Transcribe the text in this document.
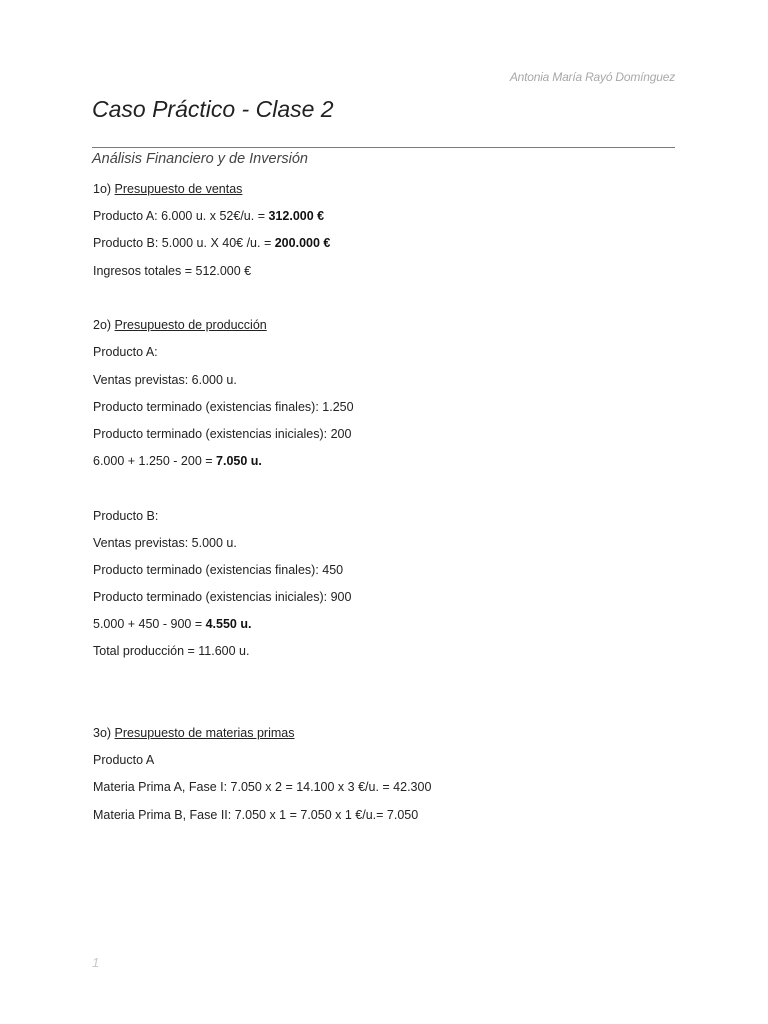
Antonia María Rayó Domínguez
Caso Práctico - Clase 2
Análisis Financiero y de Inversión
1o) Presupuesto de ventas
Producto A: 6.000 u. x 52€/u. = 312.000 €
Producto B: 5.000 u. X 40€ /u. = 200.000 €
Ingresos totales = 512.000 €
2o) Presupuesto de producción
Producto A:
Ventas previstas: 6.000 u.
Producto terminado (existencias finales): 1.250
Producto terminado (existencias iniciales): 200
6.000 + 1.250 - 200 = 7.050 u.
Producto B:
Ventas previstas: 5.000 u.
Producto terminado (existencias finales): 450
Producto terminado (existencias iniciales): 900
5.000 + 450 - 900 = 4.550 u.
Total producción = 11.600 u.
3o) Presupuesto de materias primas
Producto A
Materia Prima A, Fase I: 7.050 x 2 = 14.100 x 3 €/u. = 42.300
Materia Prima B, Fase II: 7.050 x 1 = 7.050 x 1 €/u.= 7.050
1
